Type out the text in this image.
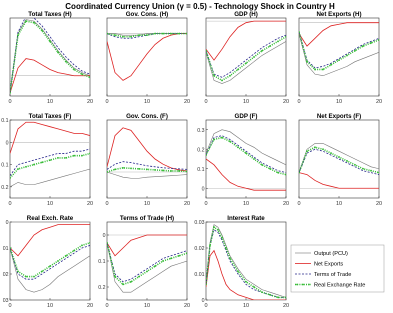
Coordinated Currency Union (γ = 0.5) - Technology Shock in Country H
Total Taxes (H)
0	10	20
Gov. Cons. (H)
0	10	20
GDP (H)
0	10	20
Net Exports (H)
0	10	20
Total Taxes (F)
0	10	20
0.2
0.1
0
0.1
Gov. Cons. (F)
0	10	20
GDP (F)
0	10	20
0
0.1
0.2
0.3
Net Exports (F)
0	10	20
Real Exch. Rate
0	10	20
03
02
01
0
Terms of Trade (H)
0	10	20
0.2
0.1
0
Interest Rate
0	10	20
0
0.01
0.02
0.03
Output (PCU)
Net Exports
Terms of Trade
Real Exchange Rate
